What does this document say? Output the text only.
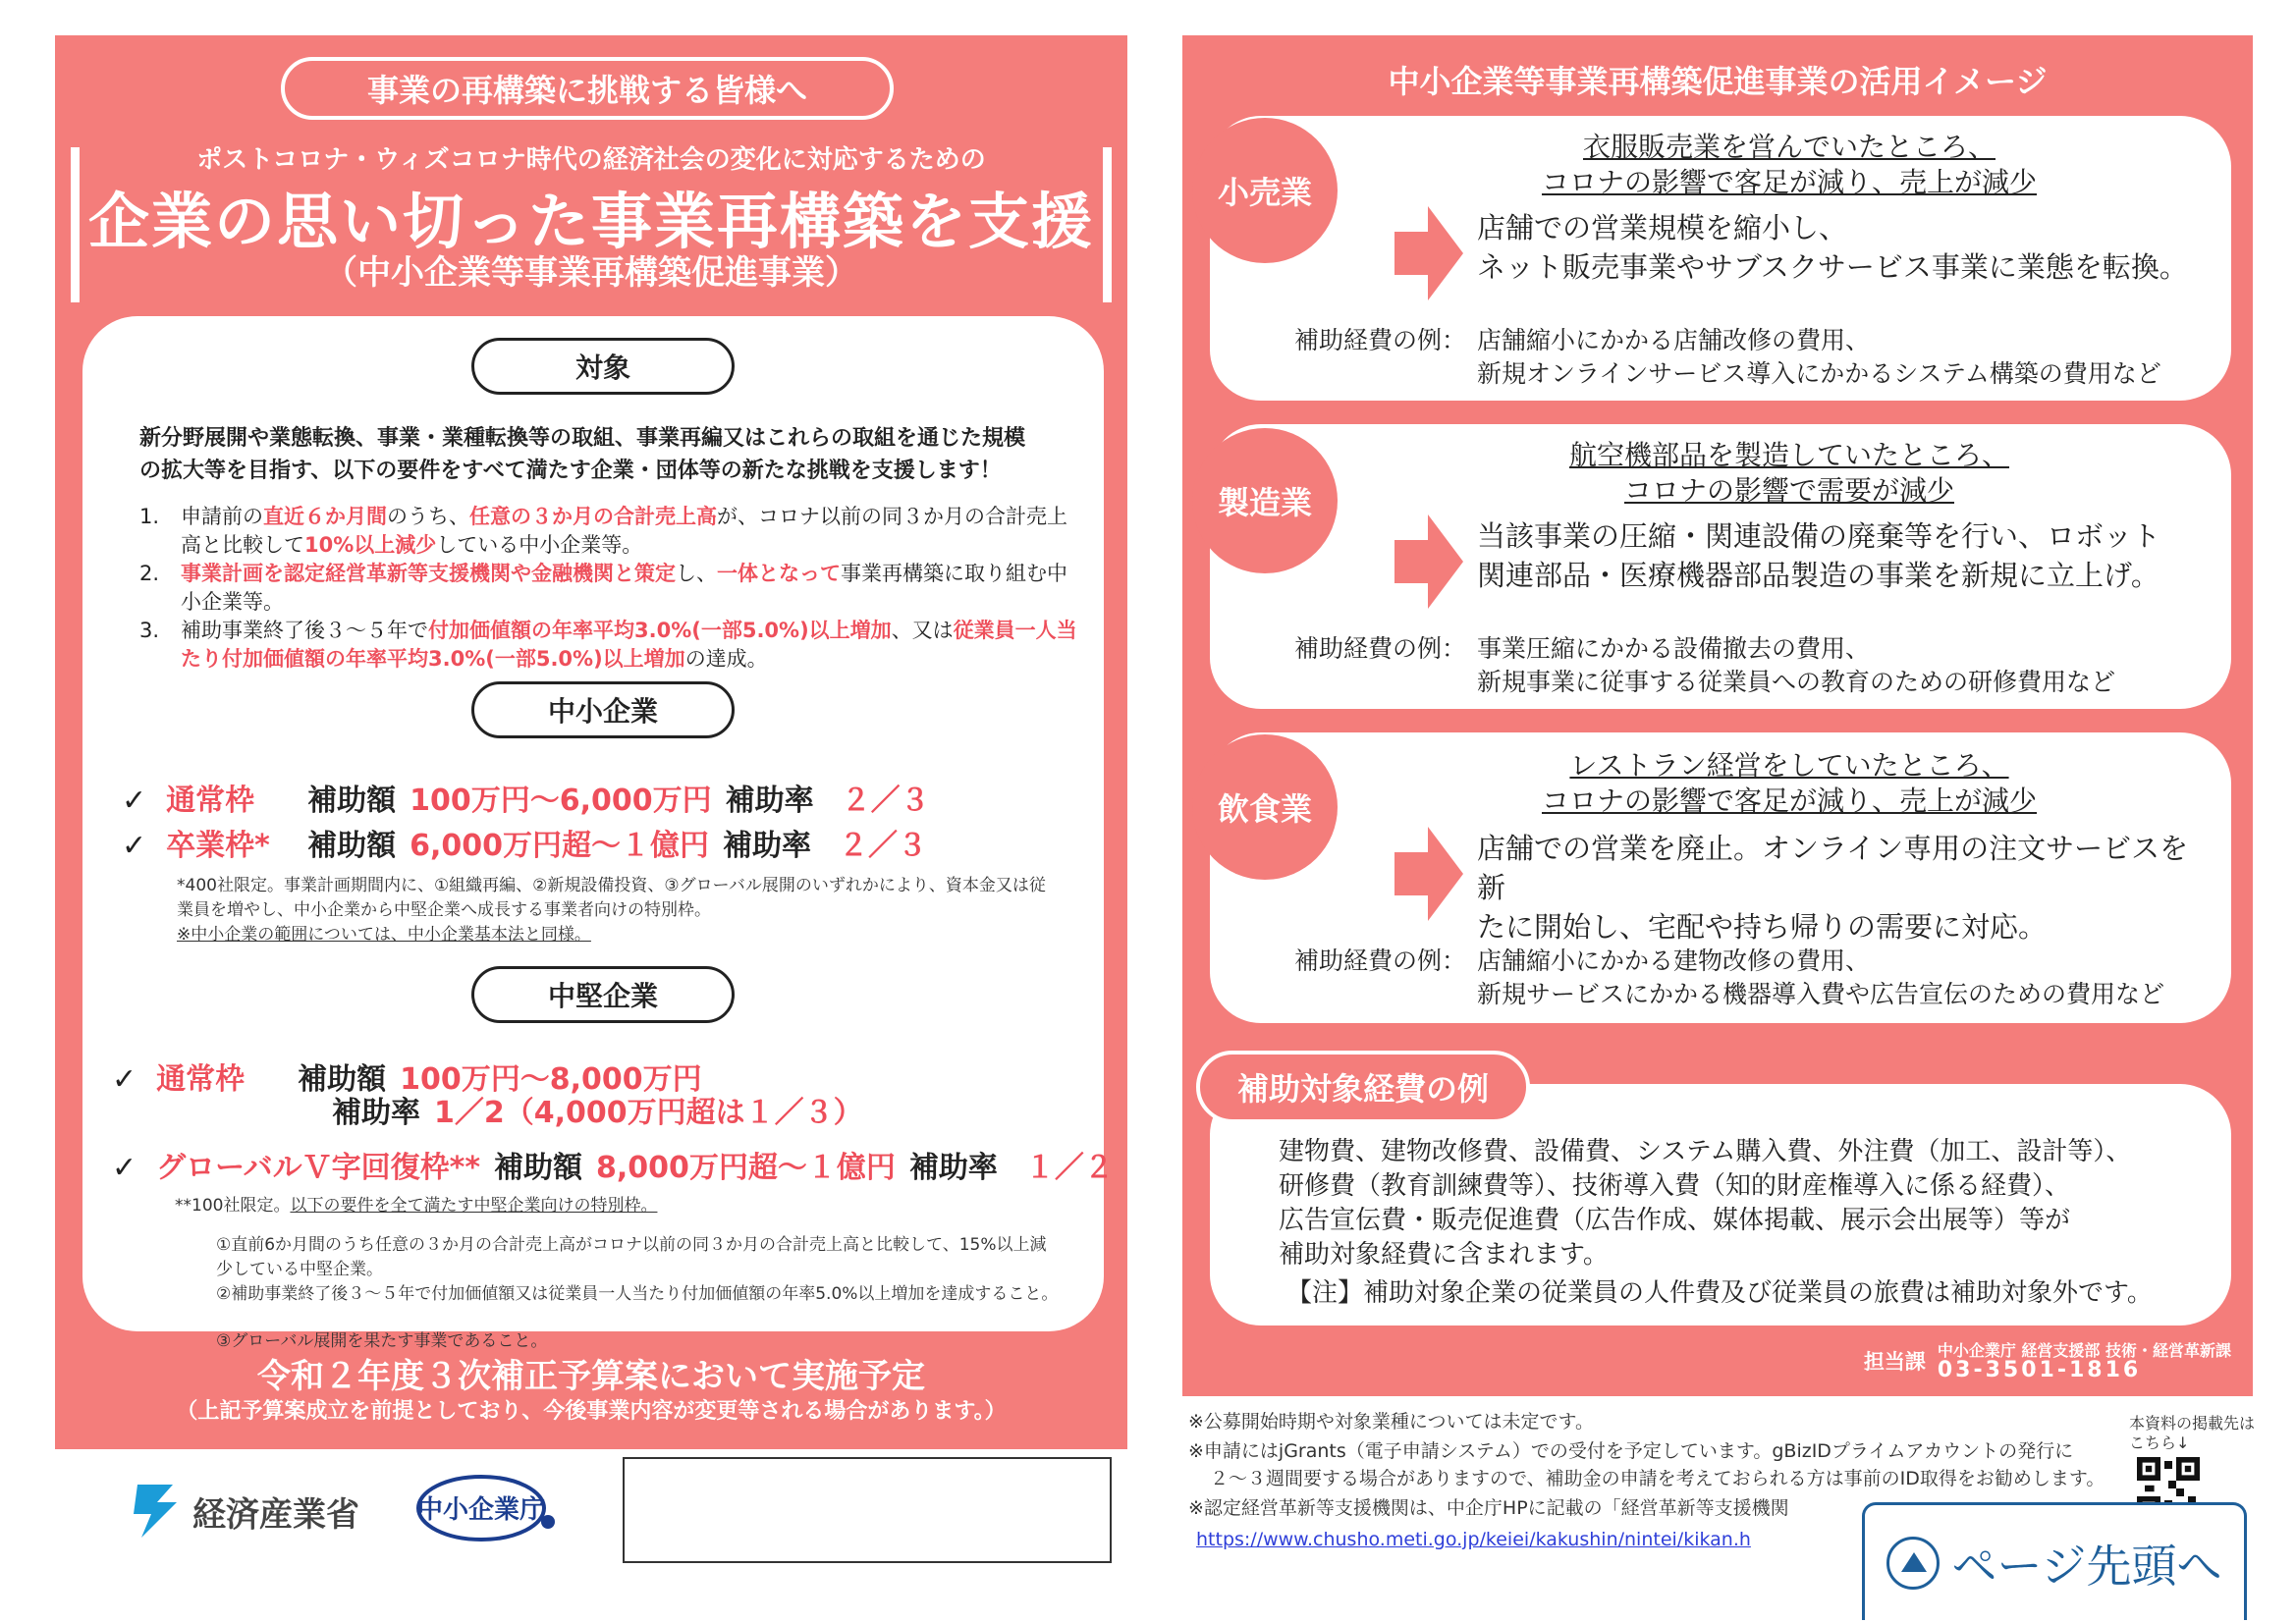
事業の再構築に挑戦する皆様へ
ポストコロナ・ウィズコロナ時代の経済社会の変化に対応するための
企業の思い切った事業再構築を支援
（中小企業等事業再構築促進事業）
対象
新分野展開や業態転換、事業・業種転換等の取組、事業再編又はこれらの取組を通じた規模の拡大等を目指す、以下の要件をすべて満たす企業・団体等の新たな挑戦を支援します！
1.	申請前の直近６か月間のうち、任意の３か月の合計売上高が、コロナ以前の同３か月の合計売上高と比較して10%以上減少している中小企業等。
2.	事業計画を認定経営革新等支援機関や金融機関と策定し、一体となって事業再構築に取り組む中小企業等。
3.	補助事業終了後３～５年で付加価値額の年率平均3.0%(一部5.0%)以上増加、又は従業員一人当たり付加価値額の年率平均3.0%(一部5.0%)以上増加の達成。
中小企業
✓ 通常枠	補助額 100万円～6,000万円 補助率 ２／３
✓ 卒業枠*	補助額 6,000万円超～１億円 補助率 ２／３
*400社限定。事業計画期間内に、①組織再編、②新規設備投資、③グローバル展開のいずれかにより、資本金又は従業員を増やし、中小企業から中堅企業へ成長する事業者向けの特別枠。
※中小企業の範囲については、中小企業基本法と同様。
中堅企業
✓ 通常枠	補助額 100万円～8,000万円
補助率 1／2（4,000万円超は１／３）
✓ グローバルＶ字回復枠** 補助額 8,000万円超～１億円 補助率 １／２
**100社限定。以下の要件を全て満たす中堅企業向けの特別枠。
①直前6か月間のうち任意の３か月の合計売上高がコロナ以前の同３か月の合計売上高と比較して、15%以上減少している中堅企業。
②補助事業終了後３～５年で付加価値額又は従業員一人当たり付加価値額の年率5.0%以上増加を達成すること。
③グローバル展開を果たす事業であること。
令和２年度３次補正予算案において実施予定
（上記予算案成立を前提としており、今後事業内容が変更等される場合があります。）
経済産業省 中小企業庁
中小企業等事業再構築促進事業の活用イメージ
衣服販売業を営んでいたところ、
コロナの影響で客足が減り、売上が減少
店舗での営業規模を縮小し、
ネット販売事業やサブスクサービス事業に業態を転換。
補助経費の例： 店舗縮小にかかる店舗改修の費用、
新規オンラインサービス導入にかかるシステム構築の費用など
小売業
航空機部品を製造していたところ、
コロナの影響で需要が減少
当該事業の圧縮・関連設備の廃棄等を行い、ロボット
関連部品・医療機器部品製造の事業を新規に立上げ。
補助経費の例： 事業圧縮にかかる設備撤去の費用、
新規事業に従事する従業員への教育のための研修費用など
製造業
レストラン経営をしていたところ、
コロナの影響で客足が減り、売上が減少
店舗での営業を廃止。オンライン専用の注文サービスを新
たに開始し、宅配や持ち帰りの需要に対応。
補助経費の例： 店舗縮小にかかる建物改修の費用、
新規サービスにかかる機器導入費や広告宣伝のための費用など
飲食業
建物費、建物改修費、設備費、システム購入費、外注費（加工、設計等）、
研修費（教育訓練費等）、技術導入費（知的財産権導入に係る経費）、
広告宣伝費・販売促進費（広告作成、媒体掲載、展示会出展等）等が
補助対象経費に含まれます。
【注】補助対象企業の従業員の人件費及び従業員の旅費は補助対象外です。
補助対象経費の例
担当課 中小企業庁 経営支援部 技術・経営革新課
03-3501-1816
※公募開始時期や対象業種については未定です。
※申請にはjGrants（電子申請システム）での受付を予定しています。gBizIDプライムアカウントの発行に
２～３週間要する場合がありますので、補助金の申請を考えておられる方は事前のID取得をお勧めします。
※認定経営革新等支援機関は、中企庁HPに記載の「経営革新等支援機関
https://www.chusho.meti.go.jp/keiei/kakushin/nintei/kikan.h
本資料の掲載先はこちら↓
ページ先頭へ
